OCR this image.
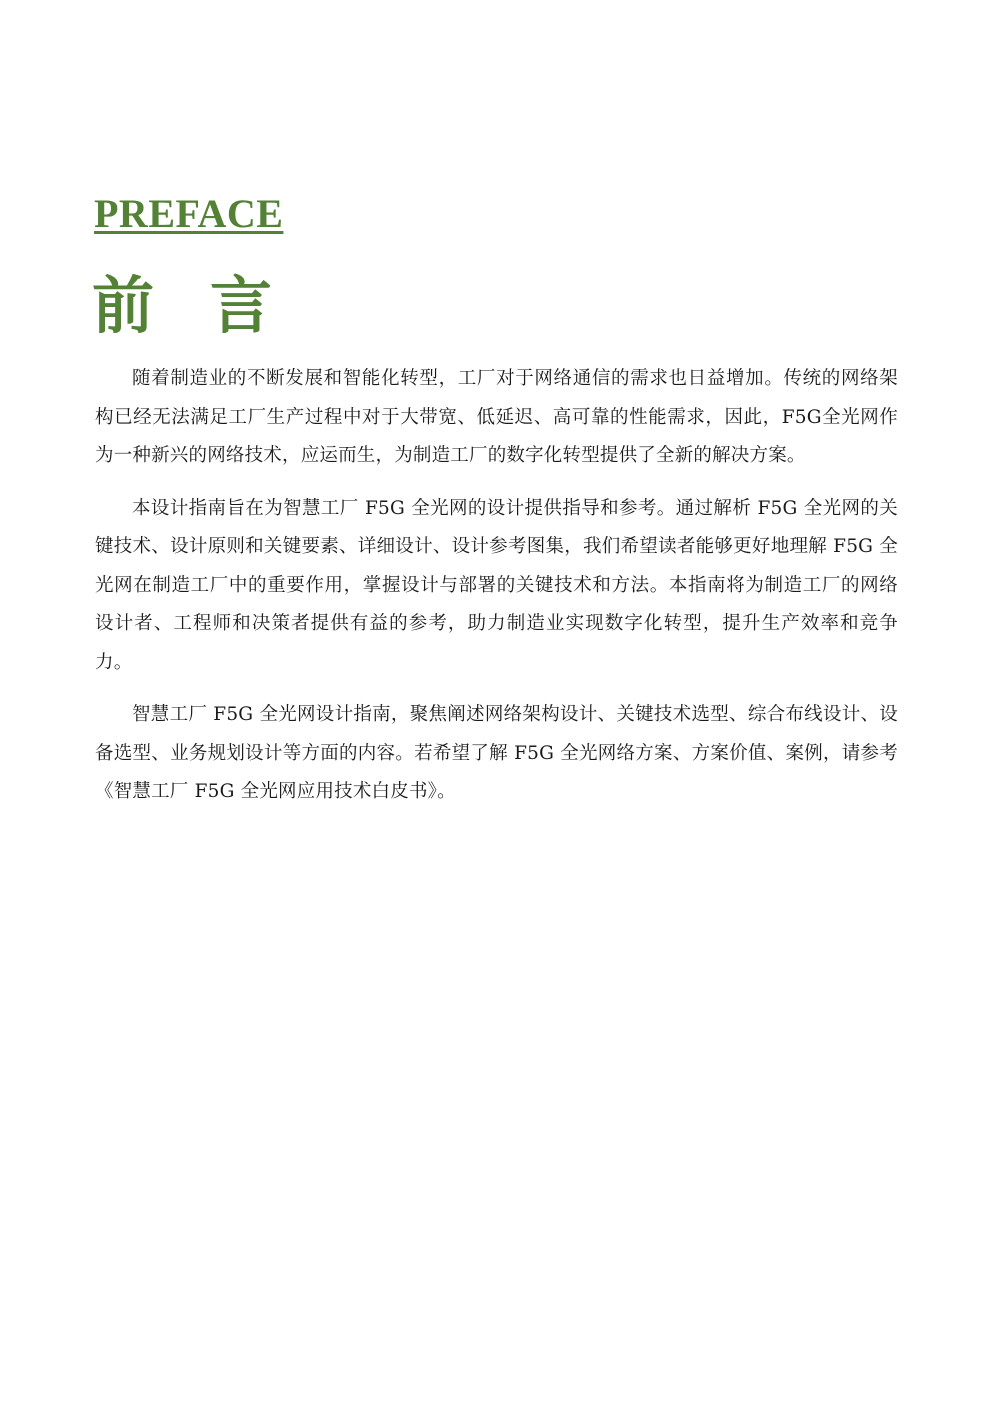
PREFACE
前言

随着制造业的不断发展和智能化转型，工厂对于网络通信的需求也日益增加。传统的网络架构已经无法满足工厂生产过程中对于大带宽、低延迟、高可靠的性能需求，因此，F5G全光网作为一种新兴的网络技术，应运而生，为制造工厂的数字化转型提供了全新的解决方案。

本设计指南旨在为智慧工厂 F5G 全光网的设计提供指导和参考。通过解析 F5G 全光网的关键技术、设计原则和关键要素、详细设计、设计参考图集，我们希望读者能够更好地理解 F5G 全光网在制造工厂中的重要作用，掌握设计与部署的关键技术和方法。本指南将为制造工厂的网络设计者、工程师和决策者提供有益的参考，助力制造业实现数字化转型，提升生产效率和竞争力。

智慧工厂 F5G 全光网设计指南，聚焦阐述网络架构设计、关键技术选型、综合布线设计、设备选型、业务规划设计等方面的内容。若希望了解 F5G 全光网络方案、方案价值、案例，请参考《智慧工厂 F5G 全光网应用技术白皮书》。
